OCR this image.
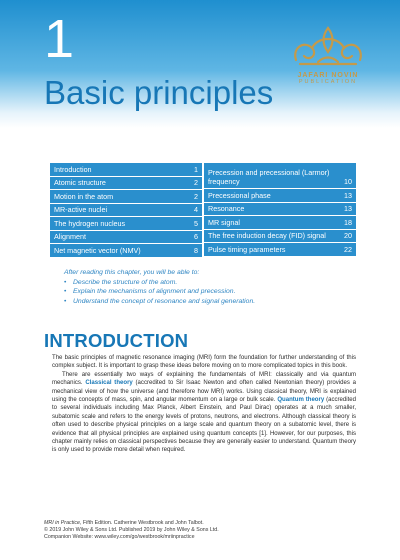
1
Basic principles	JAFARI NOVIN
PUBLICATION
Introduction	1
Atomic structure	2
Motion in the atom	2
MR-active nuclei	4
The hydrogen nucleus	5
Alignment	6
Net magnetic vector (NMV)	8
Precession and precessional (Larmor) frequency	10
Precessional phase	13
Resonance	13
MR signal	18
The free induction decay (FID) signal	20
Pulse timing parameters	22
After reading this chapter, you will be able to:
• Describe the structure of the atom.
• Explain the mechanisms of alignment and precession.
• Understand the concept of resonance and signal generation.
INTRODUCTION

The basic principles of magnetic resonance imaging (MRI) form the foundation for further understanding of this complex subject. It is important to grasp these ideas before moving on to more complicated topics in this book.

There are essentially two ways of explaining the fundamentals of MRI: classically and via quantum mechanics. Classical theory (accredited to Sir Isaac Newton and often called Newtonian theory) provides a mechanical view of how the universe (and therefore how MRI) works. Using classical theory, MRI is explained using the concepts of mass, spin, and angular momentum on a large or bulk scale. Quantum theory (accredited to several individuals including Max Planck, Albert Einstein, and Paul Dirac) operates at a much smaller, subatomic scale and refers to the energy levels of protons, neutrons, and electrons. Although classical theory is often used to describe physical principles on a large scale and quantum theory on a subatomic level, there is evidence that all physical principles are explained using quantum concepts [1]. However, for our purposes, this chapter mainly relies on classical perspectives because they are generally easier to understand. Quantum theory is only used to provide more detail when required.

MRI in Practice, Fifth Edition. Catherine Westbrook and John Talbot.
© 2019 John Wiley & Sons Ltd. Published 2019 by John Wiley & Sons Ltd.
Companion Website: www.wiley.com/go/westbrook/mriinpractice
